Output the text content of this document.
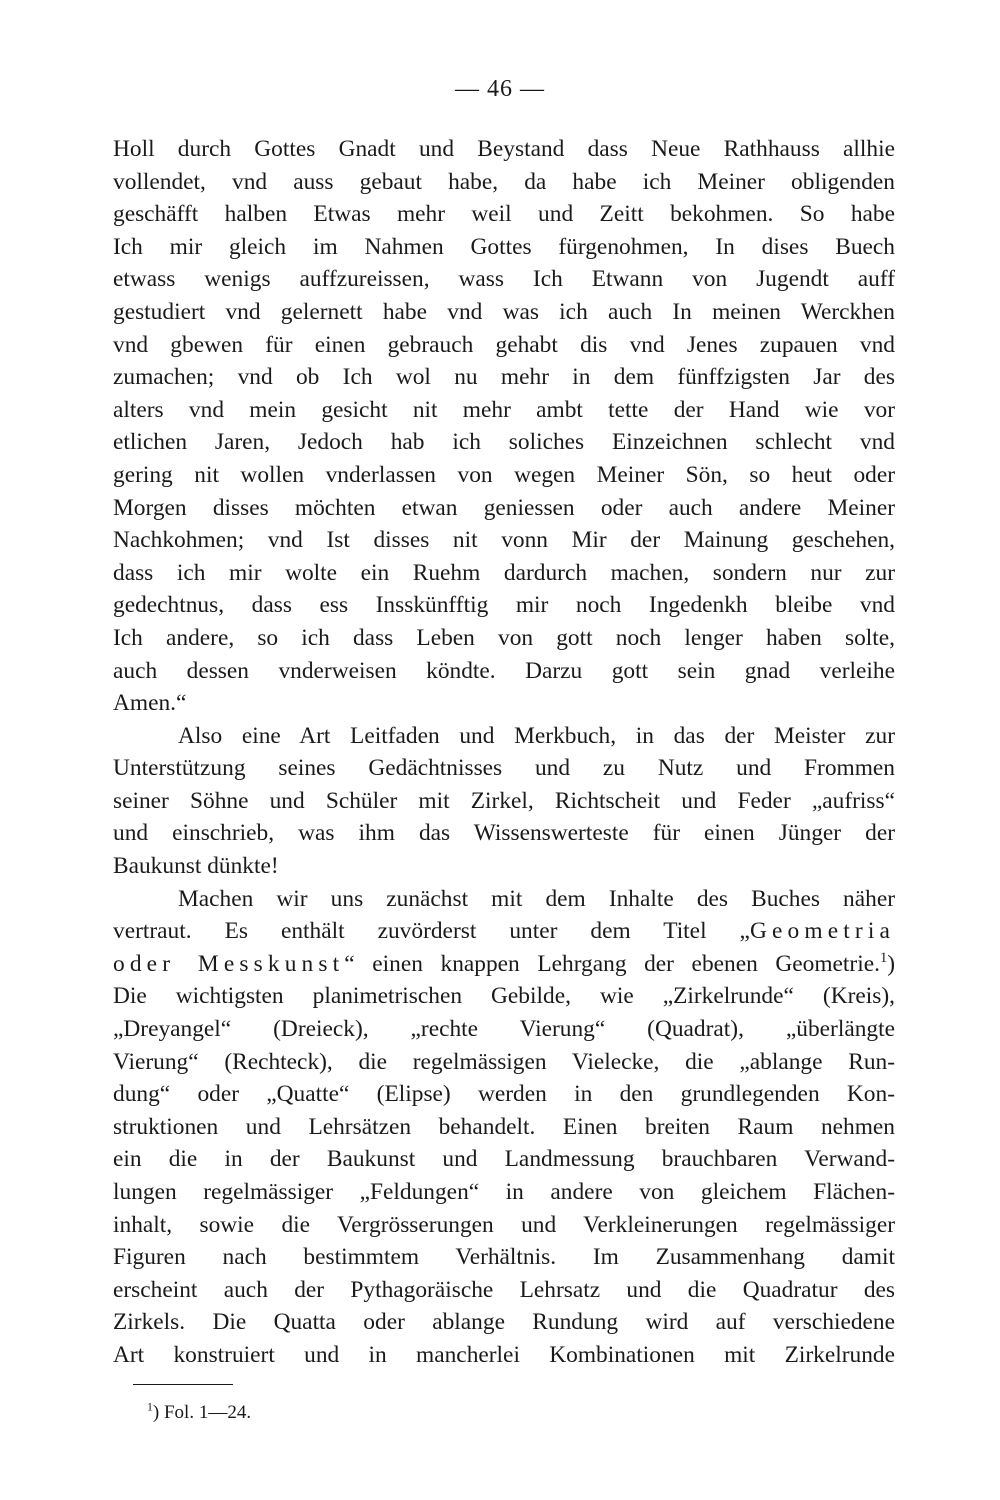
— 46 —
Holl durch Gottes Gnadt und Beystand dass Neue Rathhauss allhie
vollendet, vnd auss gebaut habe, da habe ich Meiner obligenden
geschäfft halben Etwas mehr weil und Zeitt bekohmen. So habe
Ich mir gleich im Nahmen Gottes fürgenohmen, In dises Buech
etwass wenigs auffzureissen, wass Ich Etwann von Jugendt auff
gestudiert vnd gelernett habe vnd was ich auch In meinen Werckhen
vnd gbewen für einen gebrauch gehabt dis vnd Jenes zupauen vnd
zumachen; vnd ob Ich wol nu mehr in dem fünffzigsten Jar des
alters vnd mein gesicht nit mehr ambt tette der Hand wie vor
etlichen Jaren, Jedoch hab ich soliches Einzeichnen schlecht vnd
gering nit wollen vnderlassen von wegen Meiner Sön, so heut oder
Morgen disses möchten etwan geniessen oder auch andere Meiner
Nachkohmen; vnd Ist disses nit vonn Mir der Mainung geschehen,
dass ich mir wolte ein Ruehm dardurch machen, sondern nur zur
gedechtnus, dass ess Insskünfftig mir noch Ingedenkh bleibe vnd
Ich andere, so ich dass Leben von gott noch lenger haben solte,
auch dessen vnderweisen köndte. Darzu gott sein gnad verleihe
Amen.“
Also eine Art Leitfaden und Merkbuch, in das der Meister zur
Unterstützung seines Gedächtnisses und zu Nutz und Frommen
seiner Söhne und Schüler mit Zirkel, Richtscheit und Feder „aufriss“
und einschrieb, was ihm das Wissenswerteste für einen Jünger der
Baukunst dünkte!
Machen wir uns zunächst mit dem Inhalte des Buches näher
vertraut. Es enthält zuvörderst unter dem Titel „Geometria
oder Messkunst“ einen knappen Lehrgang der ebenen Geometrie.$^1$)
Die wichtigsten planimetrischen Gebilde, wie „Zirkelrunde“ (Kreis),
„Dreyangel“ (Dreieck), „rechte Vierung“ (Quadrat), „überlängte
Vierung“ (Rechteck), die regelmässigen Vielecke, die „ablange Run-
dung“ oder „Quatte“ (Elipse) werden in den grundlegenden Kon-
struktionen und Lehrsätzen behandelt. Einen breiten Raum nehmen
ein die in der Baukunst und Landmessung brauchbaren Verwand-
lungen regelmässiger „Feldungen“ in andere von gleichem Flächen-
inhalt, sowie die Vergrösserungen und Verkleinerungen regelmässiger
Figuren nach bestimmtem Verhältnis. Im Zusammenhang damit
erscheint auch der Pythagoräische Lehrsatz und die Quadratur des
Zirkels. Die Quatta oder ablange Rundung wird auf verschiedene
Art konstruiert und in mancherlei Kombinationen mit Zirkelrunde
$^1$) Fol. 1—24.
